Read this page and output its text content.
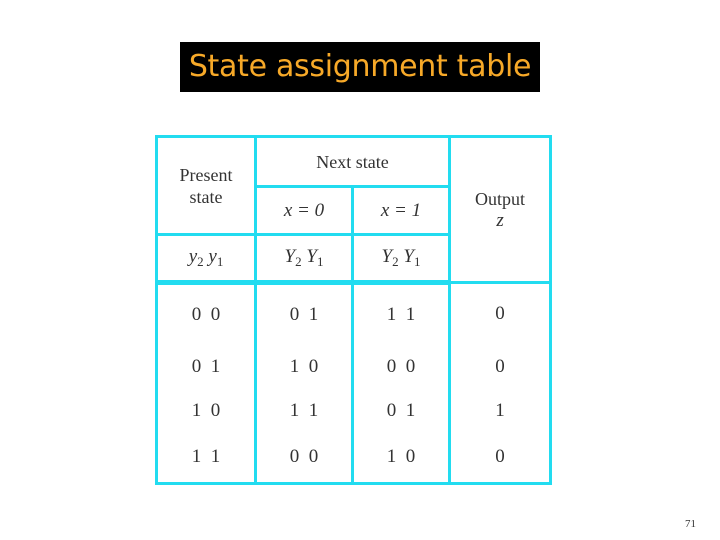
State assignment table
Present
state	Next state		Output
z

	x = 0	x = 1	
$y_2$ $y_1$	$Y_2$ $Y_1$	$Y_2$ $Y_1$

0  0	0  1	1  1	0

0  1	1  0	0  0	0

1  0	1  1	0  1	1

1  1	0  0	1  0	0
71
